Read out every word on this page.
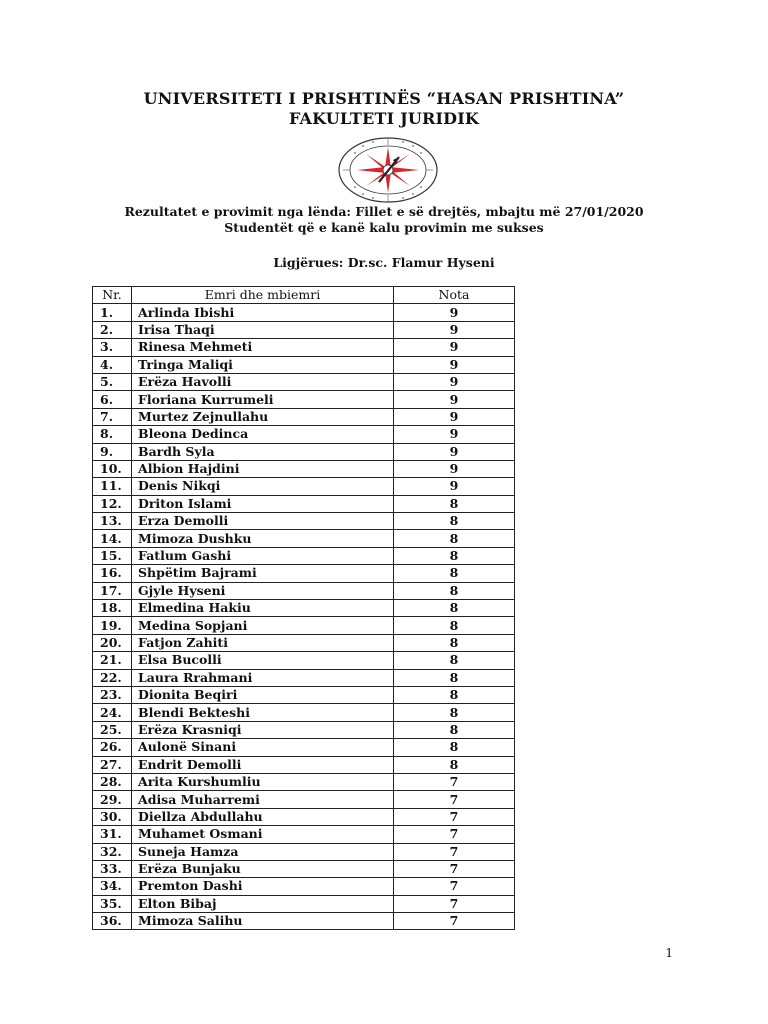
UNIVERSITETI I PRISHTINËS “HASAN PRISHTINA”
FAKULTETI JURIDIK
Rezultatet e provimit nga lënda: Fillet e së drejtës, mbajtu më 27/01/2020
Studentët që e kanë kalu provimin me sukses
Ligjërues: Dr.sc. Flamur Hyseni
Nr.	Emri dhe mbiemri	Nota
1.	Arlinda Ibishi	9
2.	Irisa Thaqi	9
3.	Rinesa Mehmeti	9
4.	Tringa Maliqi	9
5.	Erëza Havolli	9
6.	Floriana Kurrumeli	9
7.	Murtez Zejnullahu	9
8.	Bleona Dedinca	9
9.	Bardh Syla	9
10.	Albion Hajdini	9
11.	Denis Nikqi	9
12.	Driton Islami	8
13.	Erza Demolli	8
14.	Mimoza Dushku	8
15.	Fatlum Gashi	8
16.	Shpëtim Bajrami	8
17.	Gjyle Hyseni	8
18.	Elmedina Hakiu	8
19.	Medina Sopjani	8
20.	Fatjon Zahiti	8
21.	Elsa Bucolli	8
22.	Laura Rrahmani	8
23.	Dionita Beqiri	8
24.	Blendi Bekteshi	8
25.	Erëza Krasniqi	8
26.	Aulonë Sinani	8
27.	Endrit Demolli	8
28.	Arita Kurshumliu	7
29.	Adisa Muharremi	7
30.	Diellza Abdullahu	7
31.	Muhamet Osmani	7
32.	Suneja Hamza	7
33.	Erëza Bunjaku	7
34.	Premton Dashi	7
35.	Elton Bibaj	7
36.	Mimoza Salihu	7
1
